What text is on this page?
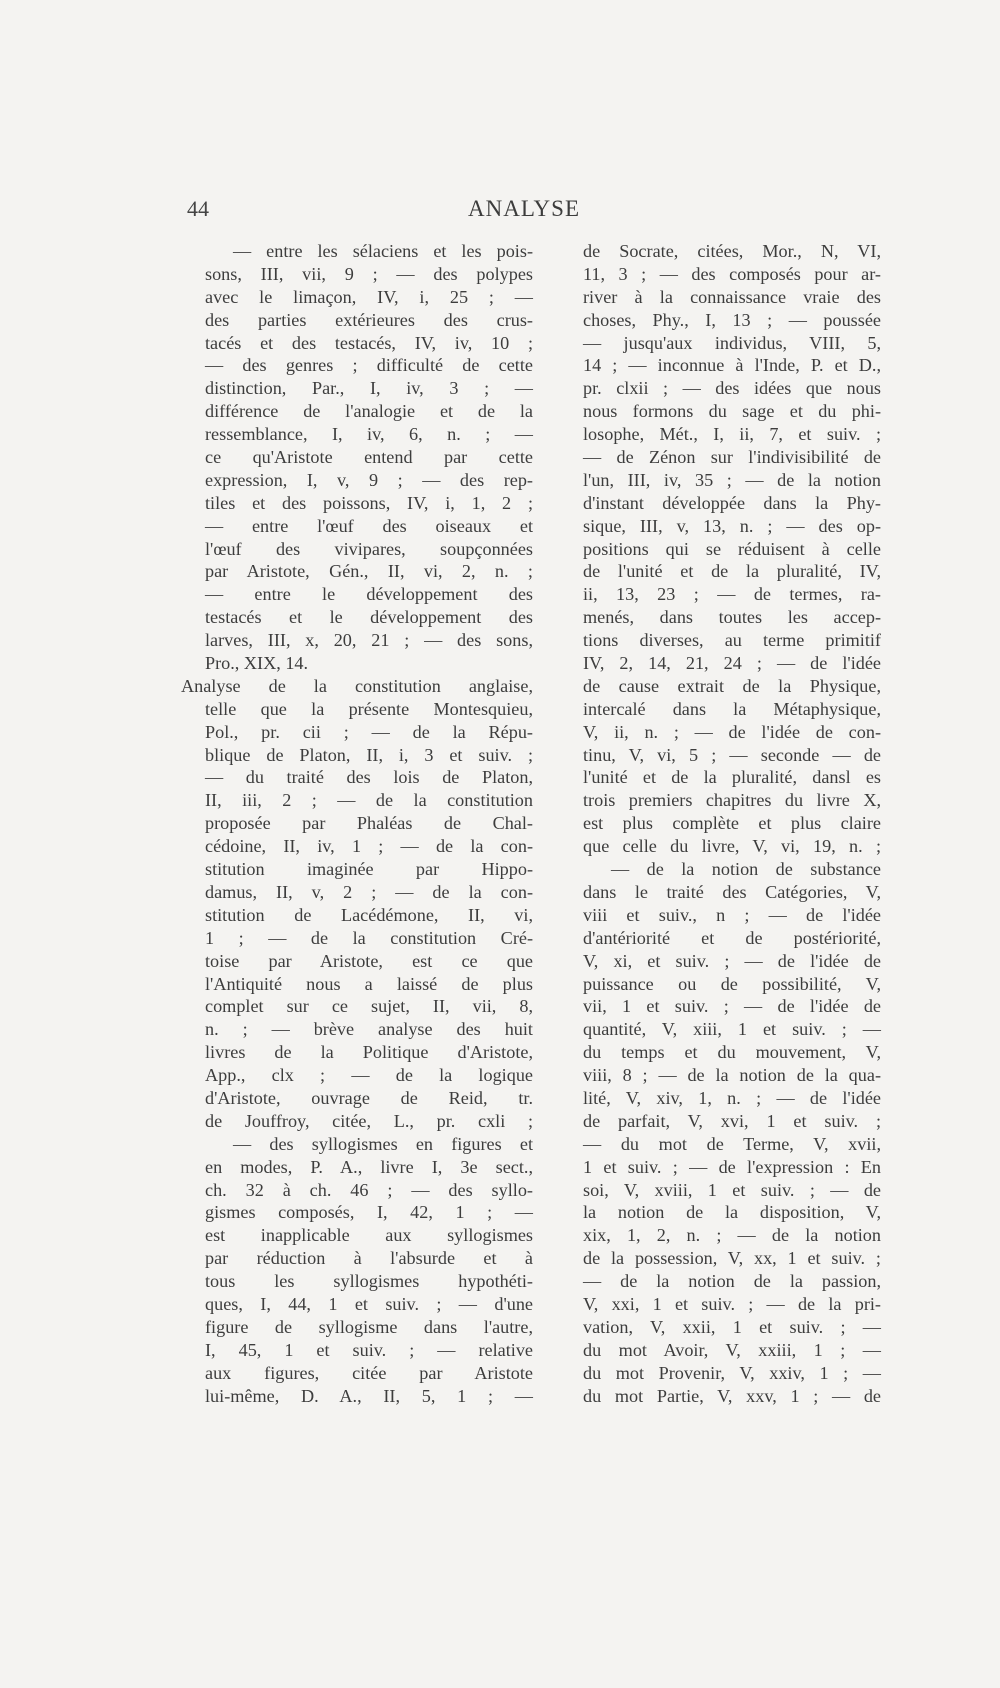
44	ANALYSE
— entre les sélaciens et les pois-
sons, III, vii, 9 ; — des polypes
avec le limaçon, IV, i, 25 ; —
des parties extérieures des crus-
tacés et des testacés, IV, iv, 10 ;
— des genres ; difficulté de cette
distinction, Par., I, iv, 3 ; —
différence de l'analogie et de la
ressemblance, I, iv, 6, n. ; —
ce qu'Aristote entend par cette
expression, I, v, 9 ; — des rep-
tiles et des poissons, IV, i, 1, 2 ;
— entre l'œuf des oiseaux et
l'œuf des vivipares, soupçonnées
par Aristote, Gén., II, vi, 2, n. ;
— entre le développement des
testacés et le développement des
larves, III, x, 20, 21 ; — des sons,
Pro., XIX, 14.
Analyse de la constitution anglaise,
telle que la présente Montesquieu,
Pol., pr. cii ; — de la Répu-
blique de Platon, II, i, 3 et suiv. ;
— du traité des lois de Platon,
II, iii, 2 ; — de la constitution
proposée par Phaléas de Chal-
cédoine, II, iv, 1 ; — de la con-
stitution imaginée par Hippo-
damus, II, v, 2 ; — de la con-
stitution de Lacédémone, II, vi,
1 ; — de la constitution Cré-
toise par Aristote, est ce que
l'Antiquité nous a laissé de plus
complet sur ce sujet, II, vii, 8,
n. ; — brève analyse des huit
livres de la Politique d'Aristote,
App., clx ; — de la logique
d'Aristote, ouvrage de Reid, tr.
de Jouffroy, citée, L., pr. cxli ;
— des syllogismes en figures et
en modes, P. A., livre I, 3e sect.,
ch. 32 à ch. 46 ; — des syllo-
gismes composés, I, 42, 1 ; —
est inapplicable aux syllogismes
par réduction à l'absurde et à
tous les syllogismes hypothéti-
ques, I, 44, 1 et suiv. ; — d'une
figure de syllogisme dans l'autre,
I, 45, 1 et suiv. ; — relative
aux figures, citée par Aristote
lui-même, D. A., II, 5, 1 ; —
de Socrate, citées, Mor., N, VI,
11, 3 ; — des composés pour ar-
river à la connaissance vraie des
choses, Phy., I, 13 ; — poussée
— jusqu'aux individus, VIII, 5,
14 ; — inconnue à l'Inde, P. et D.,
pr. clxii ; — des idées que nous
nous formons du sage et du phi-
losophe, Mét., I, ii, 7, et suiv. ;
— de Zénon sur l'indivisibilité de
l'un, III, iv, 35 ; — de la notion
d'instant développée dans la Phy-
sique, III, v, 13, n. ; — des op-
positions qui se réduisent à celle
de l'unité et de la pluralité, IV,
ii, 13, 23 ; — de termes, ra-
menés, dans toutes les accep-
tions diverses, au terme primitif
IV, 2, 14, 21, 24 ; — de l'idée
de cause extrait de la Physique,
intercalé dans la Métaphysique,
V, ii, n. ; — de l'idée de con-
tinu, V, vi, 5 ; — seconde — de
l'unité et de la pluralité, dansl es
trois premiers chapitres du livre X,
est plus complète et plus claire
que celle du livre, V, vi, 19, n. ;
— de la notion de substance
dans le traité des Catégories, V,
viii et suiv., n ; — de l'idée
d'antériorité et de postériorité,
V, xi, et suiv. ; — de l'idée de
puissance ou de possibilité, V,
vii, 1 et suiv. ; — de l'idée de
quantité, V, xiii, 1 et suiv. ; —
du temps et du mouvement, V,
viii, 8 ; — de la notion de la qua-
lité, V, xiv, 1, n. ; — de l'idée
de parfait, V, xvi, 1 et suiv. ;
— du mot de Terme, V, xvii,
1 et suiv. ; — de l'expression : En
soi, V, xviii, 1 et suiv. ; — de
la notion de la disposition, V,
xix, 1, 2, n. ; — de la notion
de la possession, V, xx, 1 et suiv. ;
— de la notion de la passion,
V, xxi, 1 et suiv. ; — de la pri-
vation, V, xxii, 1 et suiv. ; —
du mot Avoir, V, xxiii, 1 ; —
du mot Provenir, V, xxiv, 1 ; —
du mot Partie, V, xxv, 1 ; — de
